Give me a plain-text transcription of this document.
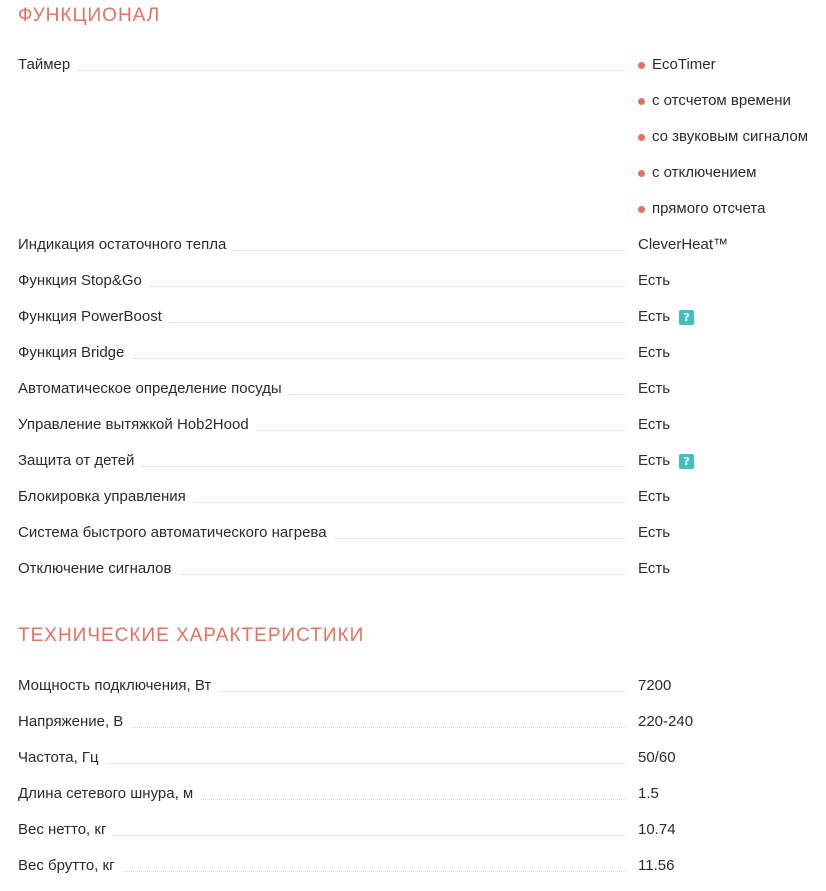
ФУНКЦИОНАЛ
Таймер	EcoTimer
с отсчетом времени
со звуковым сигналом
с отключением
прямого отсчета
Индикация остаточного тепла	CleverHeat™
Функция Stop&Go	Есть
Функция PowerBoost	Есть	?
Функция Bridge	Есть
Автоматическое определение посуды	Есть
Управление вытяжкой Hob2Hood	Есть
Защита от детей	Есть	?
Блокировка управления	Есть
Система быстрого автоматического нагрева	Есть
Отключение сигналов	Есть
ТЕХНИЧЕСКИЕ ХАРАКТЕРИСТИКИ
Мощность подключения, Вт	7200
Напряжение, В	220-240
Частота, Гц	50/60
Длина сетевого шнура, м	1.5
Вес нетто, кг	10.74
Вес брутто, кг	11.56
